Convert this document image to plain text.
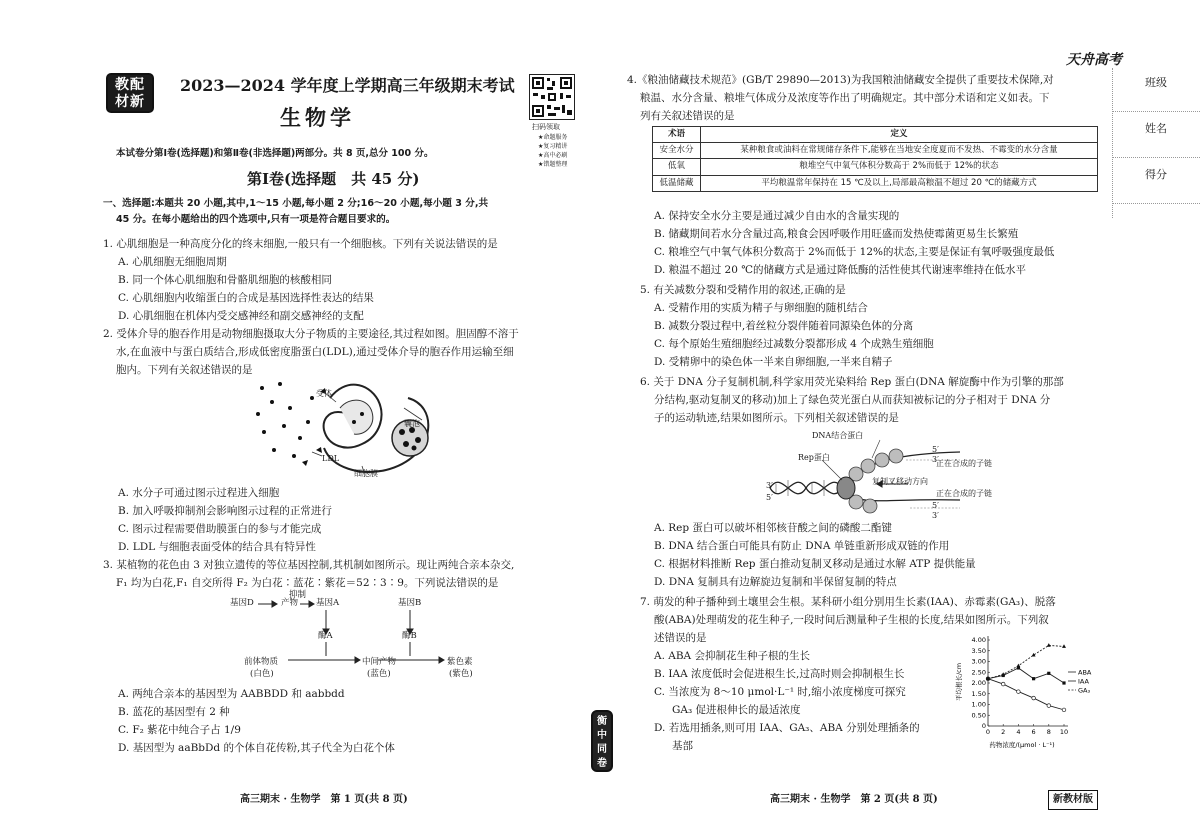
教配
材新
2023—2024 学年度上学期高三年级期末考试
生物学	扫码领取
★命题服务
★复习精讲
★高中必刷
★错题整理
本试卷分第Ⅰ卷(选择题)和第Ⅱ卷(非选择题)两部分。共 8 页,总分 100 分。
第Ⅰ卷(选择题　共 45 分)
一、选择题:本题共 20 小题,其中,1～15 小题,每小题 2 分;16～20 小题,每小题 3 分,共
45 分。在每小题给出的四个选项中,只有一项是符合题目要求的。
1. 心肌细胞是一种高度分化的终末细胞,一般只有一个细胞核。下列有关说法错误的是
A. 心肌细胞无细胞周期
B. 同一个体心肌细胞和骨骼肌细胞的核酸相同
C. 心肌细胞内收缩蛋白的合成是基因选择性表达的结果
D. 心肌细胞在机体内受交感神经和副交感神经的支配
2. 受体介导的胞吞作用是动物细胞摄取大分子物质的主要途径,其过程如图。胆固醇不溶于
水,在血液中与蛋白质结合,形成低密度脂蛋白(LDL),通过受体介导的胞吞作用运输至细
胞内。下列有关叙述错误的是
受体
囊泡
LDL
细胞膜
A. 水分子可通过图示过程进入细胞
B. 加入呼吸抑制剂会影响图示过程的正常进行
C. 图示过程需要借助膜蛋白的参与才能完成
D. LDL 与细胞表面受体的结合具有特异性
3. 某植物的花色由 3 对独立遗传的等位基因控制,其机制如图所示。现让两纯合亲本杂交,
F₁ 均为白花,F₁ 自交所得 F₂ 为白花∶蓝花∶紫花＝52∶3∶9。下列说法错误的是
基因D	产物
抑制
基因A	基因B
酶A	酶B
前体物质
(白色)
中间产物
(蓝色)
紫色素
(紫色)
A. 两纯合亲本的基因型为 AABBDD 和 aabbdd
B. 蓝花的基因型有 2 种
C. F₂ 紫花中纯合子占 1/9
D. 基因型为 aaBbDd 的个体自花传粉,其子代全为白花个体
高三期末 · 生物学　第 1 页(共 8 页)
衡
中
同
卷
天舟高考
班级
姓名
得分
4.《粮油储藏技术规范》(GB/T 29890—2013)为我国粮油储藏安全提供了重要技术保障,对
粮温、水分含量、粮堆气体成分及浓度等作出了明确规定。其中部分术语和定义如表。下
列有关叙述错误的是
术语	定义
安全水分	某种粮食或油料在常规储存条件下,能够在当地安全度夏而不发热、不霉变的水分含量
低氧	粮堆空气中氧气体积分数高于 2%而低于 12%的状态
低温储藏	平均粮温常年保持在 15 ℃及以上,局部最高粮温不超过 20 ℃的储藏方式
A. 保持安全水分主要是通过减少自由水的含量实现的
B. 储藏期间若水分含量过高,粮食会因呼吸作用旺盛而发热使霉菌更易生长繁殖
C. 粮堆空气中氧气体积分数高于 2%而低于 12%的状态,主要是保证有氧呼吸强度最低
D. 粮温不超过 20 ℃的储藏方式是通过降低酶的活性使其代谢速率维持在低水平
5. 有关减数分裂和受精作用的叙述,正确的是
A. 受精作用的实质为精子与卵细胞的随机结合
B. 减数分裂过程中,着丝粒分裂伴随着同源染色体的分离
C. 每个原始生殖细胞经过减数分裂都形成 4 个成熟生殖细胞
D. 受精卵中的染色体一半来自卵细胞,一半来自精子
6. 关于 DNA 分子复制机制,科学家用荧光染料给 Rep 蛋白(DNA 解旋酶中作为引擎的那部
分结构,驱动复制叉的移动)加上了绿色荧光蛋白从而获知被标记的分子相对于 DNA 分
子的运动轨迹,结果如图所示。下列相关叙述错误的是
DNA结合蛋白
Rep蛋白
5′
3′
正在合成的子链
3′
5′
复制叉移动方向
5′
3′
正在合成的子链
A. Rep 蛋白可以破坏相邻核苷酸之间的磷酸二酯键
B. DNA 结合蛋白可能具有防止 DNA 单链重新形成双链的作用
C. 根据材料推断 Rep 蛋白推动复制叉移动是通过水解 ATP 提供能量
D. DNA 复制具有边解旋边复制和半保留复制的特点
7. 萌发的种子播种到土壤里会生根。某科研小组分别用生长素(IAA)、赤霉素(GA₃)、脱落
酸(ABA)处理萌发的花生种子,一段时间后测量种子生根的长度,结果如图所示。下列叙
述错误的是
A. ABA 会抑制花生种子根的生长
B. IAA 浓度低时会促进根生长,过高时则会抑制根生长
C. 当浓度为 8～10 μmol·L⁻¹ 时,缩小浓度梯度可探究
GA₃ 促进根伸长的最适浓度
D. 若选用插条,则可用 IAA、GA₃、ABA 分别处理插条的
基部
0
0.50
1.00
1.50
2.00
2.50
3.00
3.50
4.00
0 2 4 6 8 10
ABA
IAA
GA₃
药物浓度/(μmol · L⁻¹)
平均根长/cm
高三期末 · 生物学　第 2 页(共 8 页)	新教材版
